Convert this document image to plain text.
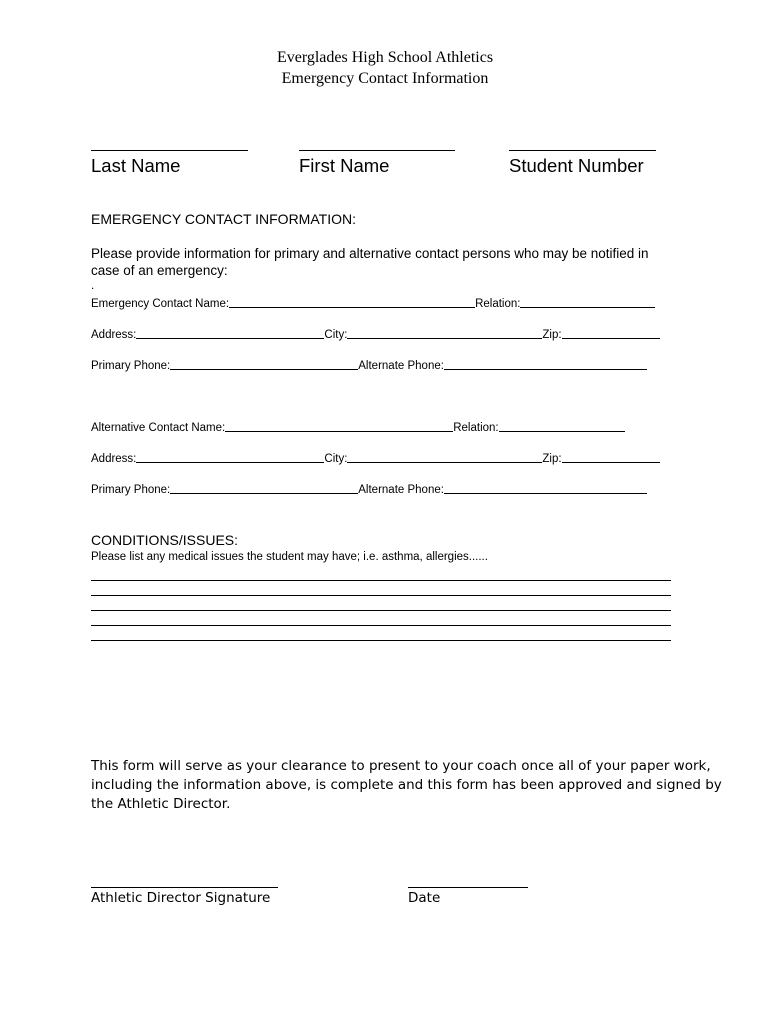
Everglades High School Athletics
Emergency Contact Information
Last Name	First Name	Student Number
EMERGENCY CONTACT INFORMATION:
Please provide information for primary and alternative contact persons who may be notified in
case of an emergency:
.
Emergency Contact Name:	Relation:
Address:	City:	Zip:
Primary Phone:	Alternate Phone:
Alternative Contact Name:	Relation:
Address:	City:	Zip:
Primary Phone:	Alternate Phone:
CONDITIONS/ISSUES:
Please list any medical issues the student may have; i.e. asthma, allergies......
This form will serve as your clearance to present to your coach once all of your paper work,
including the information above, is complete and this form has been approved and signed by
the Athletic Director.
Athletic Director Signature	Date
